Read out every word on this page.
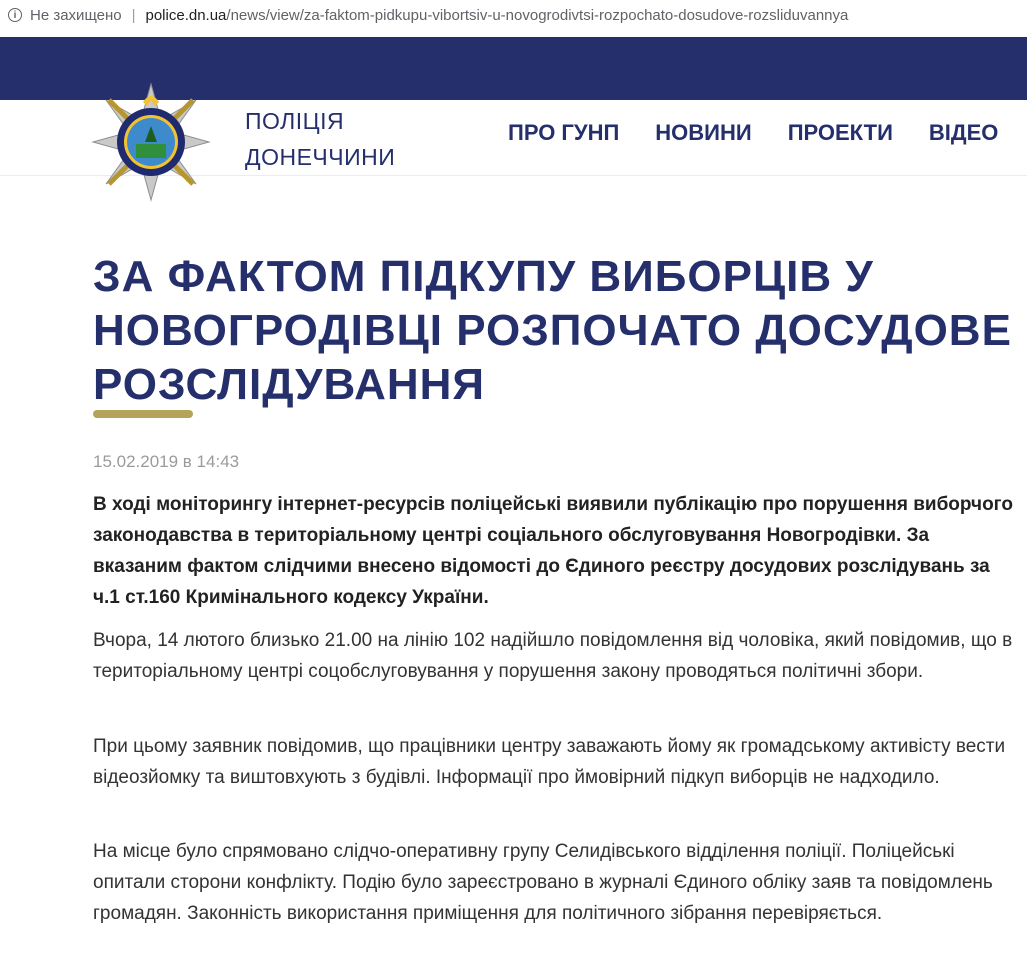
i Не захищено | police.dn.ua /news/view/za-faktom-pidkupu-vibortsiv-u-novogrodivtsi-rozpochato-dosudove-rozsliduvannya
ПОЛІЦІЯ
ДОНЕЧЧИНИ
ПРО ГУНП НОВИНИ ПРОЕКТИ ВІДЕО
ЗА ФАКТОМ ПІДКУПУ ВИБОРЦІВ У НОВОГРОДІВЦІ РОЗПОЧАТО ДОСУДОВЕ РОЗСЛІДУВАННЯ
15.02.2019 в 14:43

В ході моніторингу інтернет-ресурсів поліцейські виявили публікацію про порушення виборчого законодавства в територіальному центрі соціального обслуговування Новогродівки. За вказаним фактом слідчими внесено відомості до Єдиного реєстру досудових розслідувань за ч.1 ст.160 Кримінального кодексу України.

Вчора, 14 лютого близько 21.00 на лінію 102 надійшло повідомлення від чоловіка, який повідомив, що в територіальному центрі соцобслуговування у порушення закону проводяться політичні збори.

При цьому заявник повідомив, що працівники центру заважають йому як громадському активісту вести відеозйомку та виштовхують з будівлі. Інформації про ймовірний підкуп виборців не надходило.

На місце було спрямовано слідчо-оперативну групу Селидівського відділення поліції. Поліцейські опитали сторони конфлікту. Подію було зареєстровано в журналі Єдиного обліку заяв та повідомлень громадян. Законність використання приміщення для політичного зібрання перевіряється.
